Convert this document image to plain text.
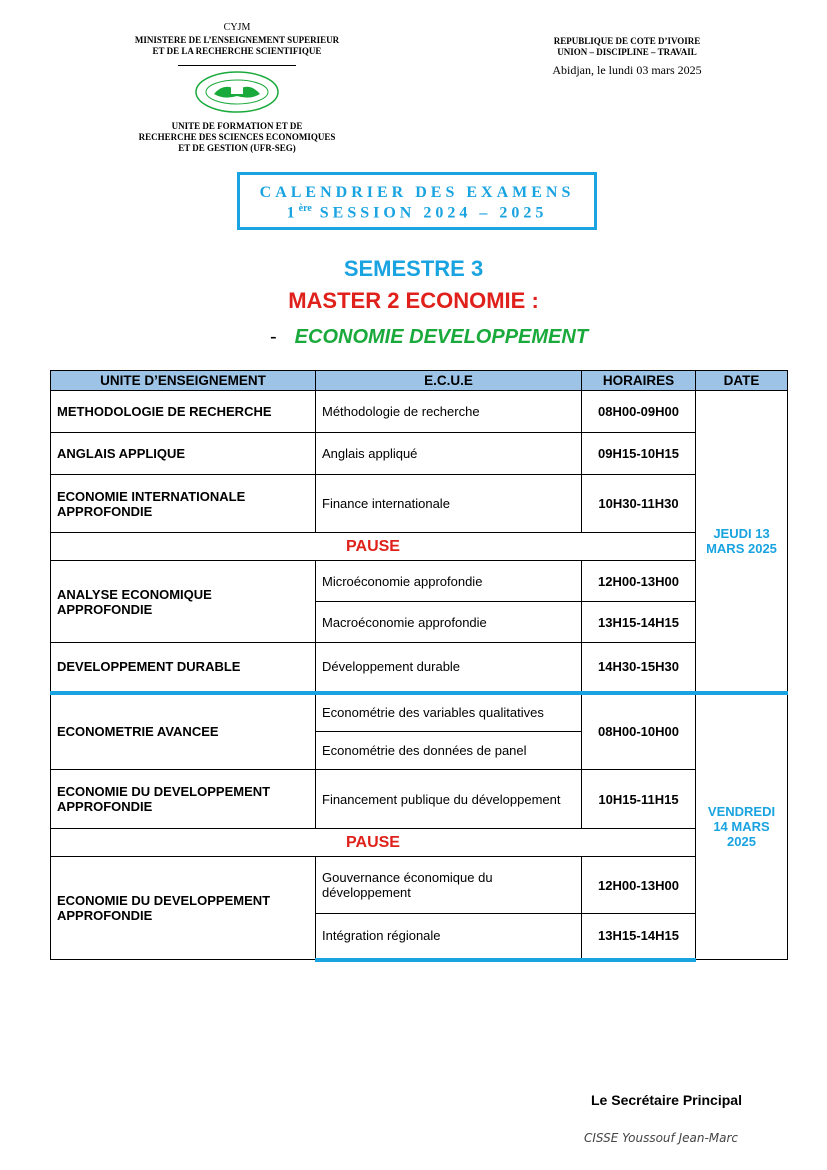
CYJM
MINISTERE DE L’ENSEIGNEMENT SUPERIEUR
ET DE LA RECHERCHE SCIENTIFIQUE
UNITE DE FORMATION ET DE
RECHERCHE DES SCIENCES ECONOMIQUES
ET DE GESTION (UFR-SEG)
REPUBLIQUE DE COTE D’IVOIRE
UNION – DISCIPLINE – TRAVAIL
Abidjan, le lundi 03 mars 2025
CALENDRIER DES EXAMENS
1ère SESSION 2024 – 2025
SEMESTRE 3
MASTER 2 ECONOMIE :
- ECONOMIE DEVELOPPEMENT
UNITE D’ENSEIGNEMENT	E.C.U.E	HORAIRES	DATE
METHODOLOGIE DE RECHERCHE	Méthodologie de recherche	08H00-09H00	JEUDI 13 MARS 2025
ANGLAIS APPLIQUE	Anglais appliqué	09H15-10H15	
ECONOMIE INTERNATIONALE APPROFONDIE	Finance internationale	10H30-11H30	
PAUSE			
ANALYSE ECONOMIQUE APPROFONDIE	Microéconomie approfondie	12H00-13H00	
	Macroéconomie approfondie	13H15-14H15	
DEVELOPPEMENT DURABLE	Développement durable	14H30-15H30	
ECONOMETRIE AVANCEE	Econométrie des variables qualitatives	08H00-10H00	VENDREDI 14 MARS 2025
	Econométrie des données de panel		
ECONOMIE DU DEVELOPPEMENT APPROFONDIE	Financement publique du développement	10H15-11H15	
PAUSE			
ECONOMIE DU DEVELOPPEMENT APPROFONDIE	Gouvernance économique du développement	12H00-13H00	
	Intégration régionale	13H15-14H15	
Le Secrétaire Principal
CISSE Youssouf Jean-Marc
